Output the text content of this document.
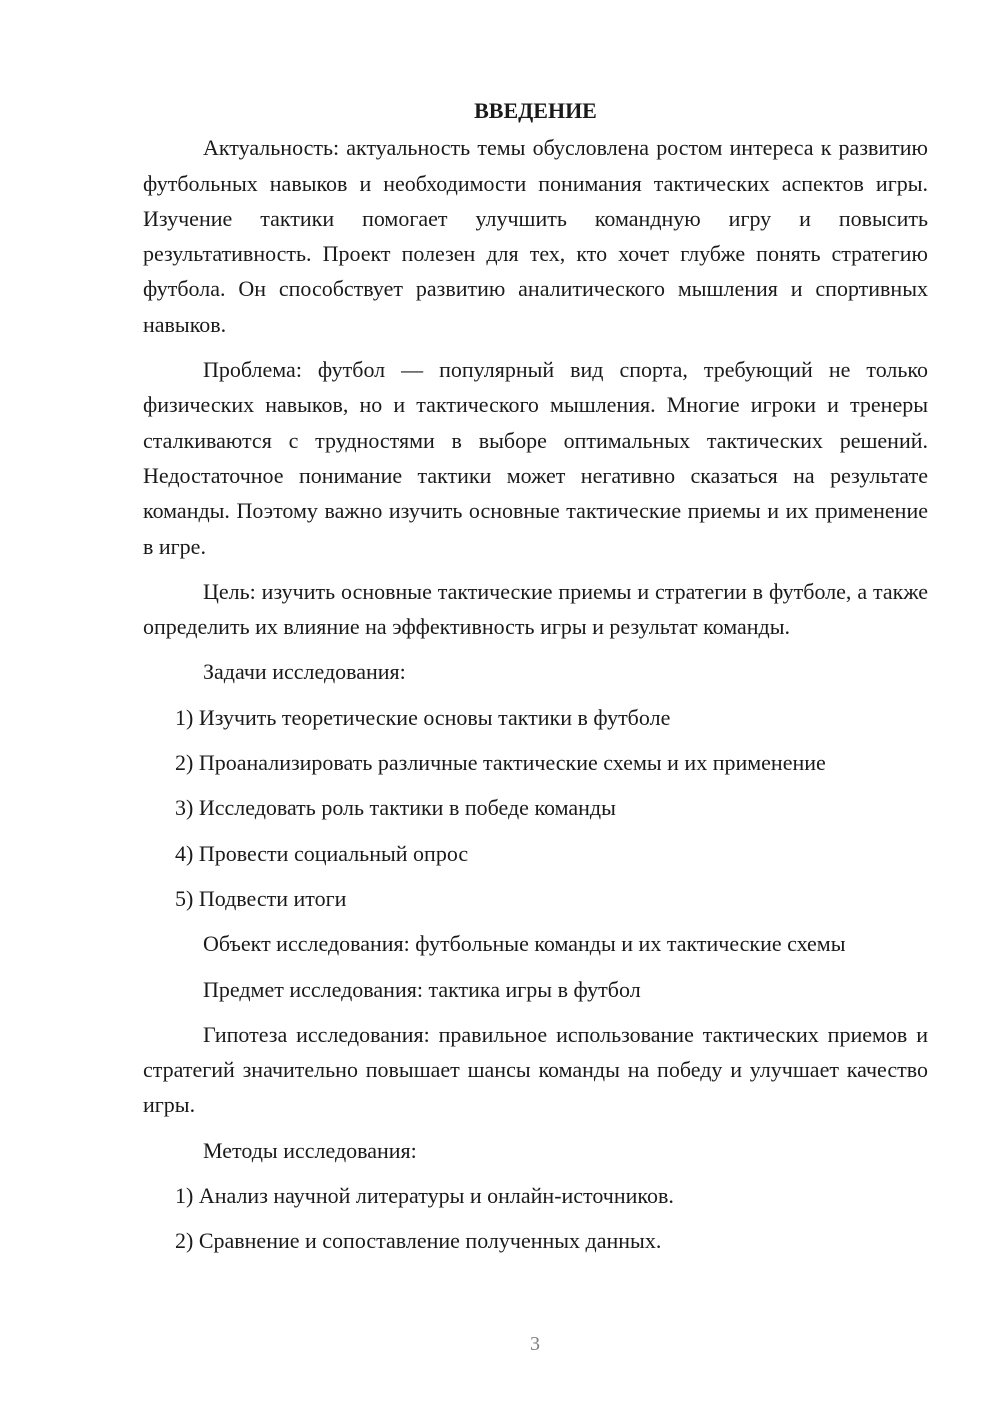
ВВЕДЕНИЕ

Актуальность: актуальность темы обусловлена ростом интереса к развитию футбольных навыков и необходимости понимания тактических аспектов игры. Изучение тактики помогает улучшить командную игру и повысить результативность. Проект полезен для тех, кто хочет глубже понять стратегию футбола. Он способствует развитию аналитического мышления и спортивных навыков.

Проблема: футбол — популярный вид спорта, требующий не только физических навыков, но и тактического мышления. Многие игроки и тренеры сталкиваются с трудностями в выборе оптимальных тактических решений. Недостаточное понимание тактики может негативно сказаться на результате команды. Поэтому важно изучить основные тактические приемы и их применение в игре.

Цель: изучить основные тактические приемы и стратегии в футболе, а также определить их влияние на эффективность игры и результат команды.

Задачи исследования:

1) Изучить теоретические основы тактики в футболе
2) Проанализировать различные тактические схемы и их применение
3) Исследовать роль тактики в победе команды
4) Провести социальный опрос
5) Подвести итоги

Объект исследования: футбольные команды и их тактические схемы

Предмет исследования: тактика игры в футбол

Гипотеза исследования: правильное использование тактических приемов и стратегий значительно повышает шансы команды на победу и улучшает качество игры.

Методы исследования:

1) Анализ научной литературы и онлайн-источников.
2) Сравнение и сопоставление полученных данных.
3
